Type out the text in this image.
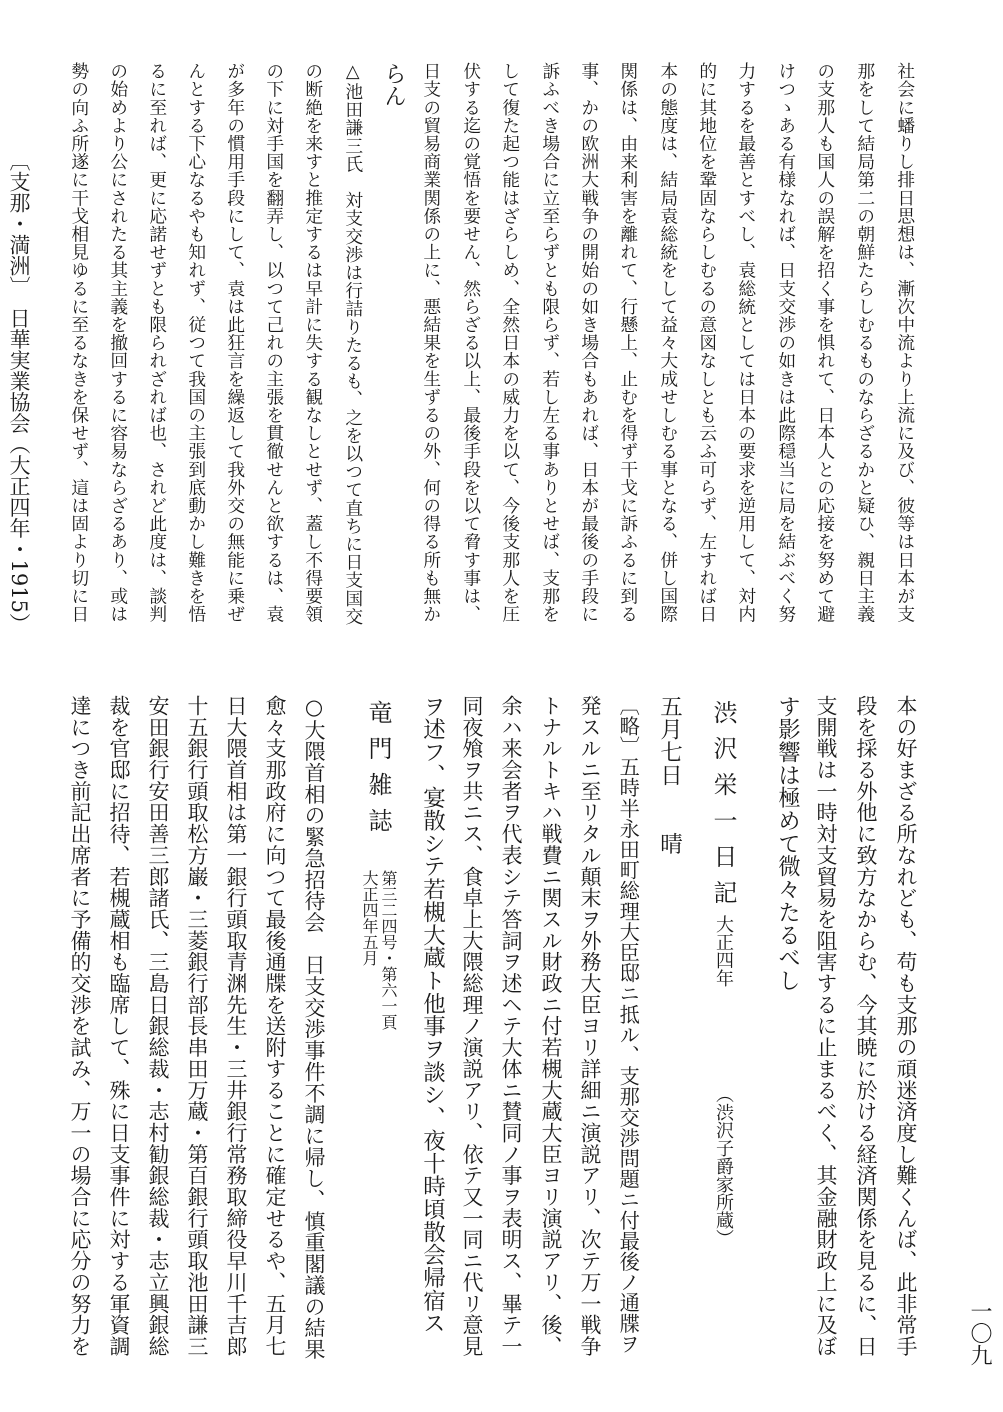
社会に蟠りし排日思想は、漸次中流より上流に及び、彼等は日本が支
那をして結局第二の朝鮮たらしむるものならざるかと疑ひ、親日主義
の支那人も国人の誤解を招く事を惧れて、日本人との応接を努めて避
けつゝある有様なれば、日支交渉の如きは此際穏当に局を結ぶべく努
力するを最善とすべし、袁総統としては日本の要求を逆用して、対内
的に其地位を鞏固ならしむるの意図なしとも云ふ可らず、左すれば日
本の態度は、結局袁総統をして益々大成せしむる事となる、併し国際
関係は、由来利害を離れて、行懸上、止むを得ず干戈に訴ふるに到る
事、かの欧洲大戦争の開始の如き場合もあれば、日本が最後の手段に
訴ふべき場合に立至らずとも限らず、若し左る事ありとせば、支那を
して復た起つ能はざらしめ、全然日本の威力を以て、今後支那人を圧
伏する迄の覚悟を要せん、然らざる以上、最後手段を以て脅す事は、
日支の貿易商業関係の上に、悪結果を生ずるの外、何の得る所も無か
らん
△池田謙三氏　対支交渉は行詰りたるも、之を以つて直ちに日支国交
の断絶を来すと推定するは早計に失する観なしとせず、蓋し不得要領
の下に対手国を翻弄し、以つて己れの主張を貫徹せんと欲するは、袁
が多年の慣用手段にして、袁は此狂言を繰返して我外交の無能に乗ぜ
んとする下心なるやも知れず、従つて我国の主張到底動かし難きを悟
るに至れば、更に応諾せずとも限られざれば也、されど此度は、談判
の始めより公にされたる其主義を撤回するに容易ならざるあり、或は
勢の向ふ所遂に干戈相見ゆるに至るなきを保せず、這は固より切に日
本の好まざる所なれども、苟も支那の頑迷済度し難くんば、此非常手
段を採る外他に致方なからむ、今其暁に於ける経済関係を見るに、日
支開戦は一時対支貿易を阻害するに止まるべく、其金融財政上に及ぼ
す影響は極めて微々たるべし
渋沢栄一日記
大正四年
（渋沢子爵家所蔵）
五月七日　　晴
〔略〕五時半永田町総理大臣邸ニ抵ル、支那交渉問題ニ付最後ノ通牒ヲ
発スルニ至リタル顛末ヲ外務大臣ヨリ詳細ニ演説アリ、次テ万一戦争
トナルトキハ戦費ニ関スル財政ニ付若槻大蔵大臣ヨリ演説アリ、後、
余ハ来会者ヲ代表シテ答詞ヲ述ヘテ大体ニ賛同ノ事ヲ表明ス、畢テ一
同夜飧ヲ共ニス、食卓上大隈総理ノ演説アリ、依テ又一同ニ代リ意見
ヲ述フ、宴散シテ若槻大蔵ト他事ヲ談シ、夜十時頃散会帰宿ス
竜門雑誌
第三二四号・第六一頁
大正四年五月
○大隈首相の緊急招待会　日支交渉事件不調に帰し、慎重閣議の結果
愈々支那政府に向つて最後通牒を送附することに確定せるや、五月七
日大隈首相は第一銀行頭取青渊先生・三井銀行常務取締役早川千吉郎
十五銀行頭取松方巌・三菱銀行部長串田万蔵・第百銀行頭取池田謙三
安田銀行安田善三郎諸氏、三島日銀総裁・志村勧銀総裁・志立興銀総
裁を官邸に招待、若槻蔵相も臨席して、殊に日支事件に対する軍資調
達につき前記出席者に予備的交渉を試み、万一の場合に応分の努力を	一〇九
〔支那・満洲〕　日華実業協会（大正四年・1915）
